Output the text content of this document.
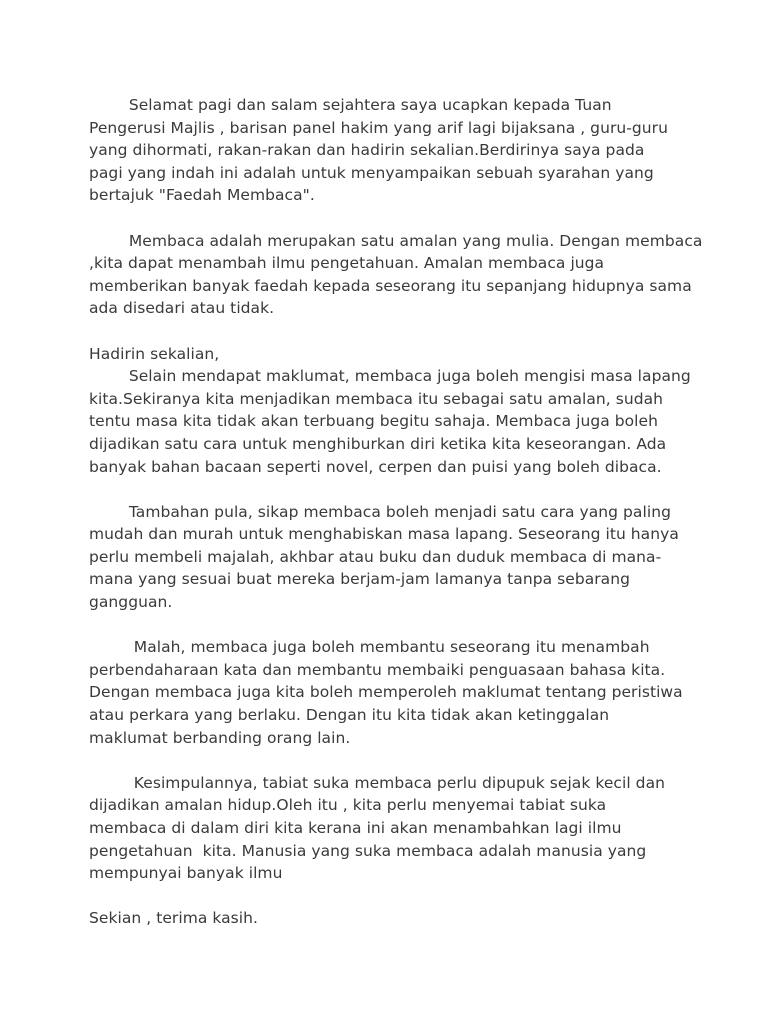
Selamat pagi dan salam sejahtera saya ucapkan kepada Tuan
Pengerusi Majlis , barisan panel hakim yang arif lagi bijaksana , guru-guru
yang dihormati, rakan-rakan dan hadirin sekalian.Berdirinya saya pada
pagi yang indah ini adalah untuk menyampaikan sebuah syarahan yang
bertajuk "Faedah Membaca".
Membaca adalah merupakan satu amalan yang mulia. Dengan membaca
,kita dapat menambah ilmu pengetahuan. Amalan membaca juga
memberikan banyak faedah kepada seseorang itu sepanjang hidupnya sama
ada disedari atau tidak.
Hadirin sekalian,
Selain mendapat maklumat, membaca juga boleh mengisi masa lapang
kita.Sekiranya kita menjadikan membaca itu sebagai satu amalan, sudah
tentu masa kita tidak akan terbuang begitu sahaja. Membaca juga boleh
dijadikan satu cara untuk menghiburkan diri ketika kita keseorangan. Ada
banyak bahan bacaan seperti novel, cerpen dan puisi yang boleh dibaca.
Tambahan pula, sikap membaca boleh menjadi satu cara yang paling
mudah dan murah untuk menghabiskan masa lapang. Seseorang itu hanya
perlu membeli majalah, akhbar atau buku dan duduk membaca di mana-
mana yang sesuai buat mereka berjam-jam lamanya tanpa sebarang
gangguan.
Malah, membaca juga boleh membantu seseorang itu menambah
perbendaharaan kata dan membantu membaiki penguasaan bahasa kita.
Dengan membaca juga kita boleh memperoleh maklumat tentang peristiwa
atau perkara yang berlaku. Dengan itu kita tidak akan ketinggalan
maklumat berbanding orang lain.
Kesimpulannya, tabiat suka membaca perlu dipupuk sejak kecil dan
dijadikan amalan hidup.Oleh itu , kita perlu menyemai tabiat suka
membaca di dalam diri kita kerana ini akan menambahkan lagi ilmu
pengetahuan  kita. Manusia yang suka membaca adalah manusia yang
mempunyai banyak ilmu
Sekian , terima kasih.
